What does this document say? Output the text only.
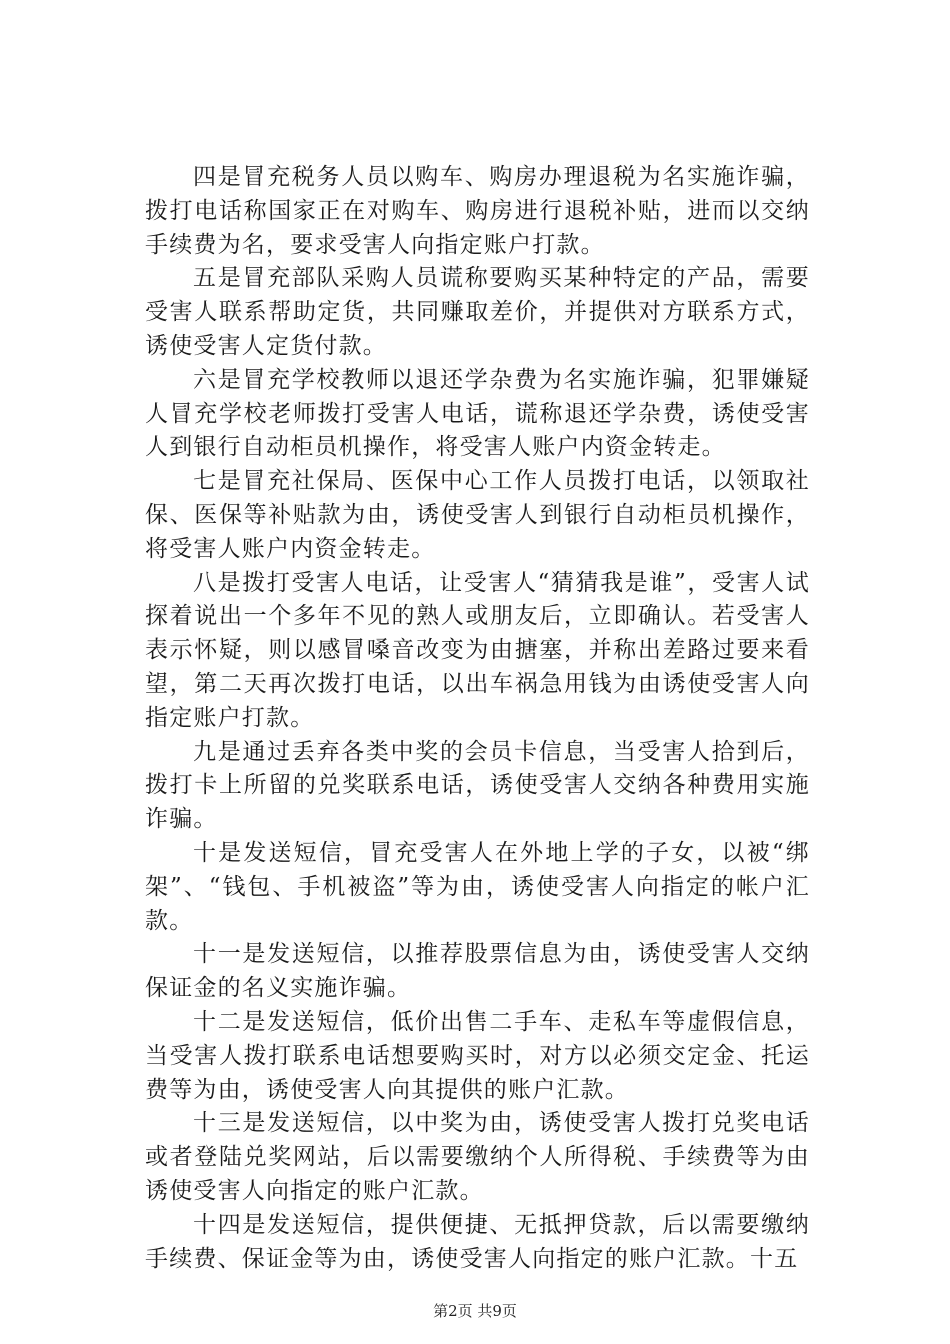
四是冒充税务人员以购车、购房办理退税为名实施诈骗，拨打电话称国家正在对购车、购房进行退税补贴，进而以交纳手续费为名，要求受害人向指定账户打款。

五是冒充部队采购人员谎称要购买某种特定的产品，需要受害人联系帮助定货，共同赚取差价，并提供对方联系方式，诱使受害人定货付款。

六是冒充学校教师以退还学杂费为名实施诈骗，犯罪嫌疑人冒充学校老师拨打受害人电话，谎称退还学杂费，诱使受害人到银行自动柜员机操作，将受害人账户内资金转走。

七是冒充社保局、医保中心工作人员拨打电话，以领取社保、医保等补贴款为由，诱使受害人到银行自动柜员机操作，将受害人账户内资金转走。

八是拨打受害人电话，让受害人“猜猜我是谁”，受害人试探着说出一个多年不见的熟人或朋友后，立即确认。若受害人表示怀疑，则以感冒嗓音改变为由搪塞，并称出差路过要来看望，第二天再次拨打电话，以出车祸急用钱为由诱使受害人向指定账户打款。

九是通过丢弃各类中奖的会员卡信息，当受害人拾到后，拨打卡上所留的兑奖联系电话，诱使受害人交纳各种费用实施诈骗。

十是发送短信，冒充受害人在外地上学的子女，以被“绑架”、“钱包、手机被盗”等为由，诱使受害人向指定的帐户汇款。

十一是发送短信，以推荐股票信息为由，诱使受害人交纳保证金的名义实施诈骗。

十二是发送短信，低价出售二手车、走私车等虚假信息，当受害人拨打联系电话想要购买时，对方以必须交定金、托运费等为由，诱使受害人向其提供的账户汇款。

十三是发送短信，以中奖为由，诱使受害人拨打兑奖电话或者登陆兑奖网站，后以需要缴纳个人所得税、手续费等为由诱使受害人向指定的账户汇款。

十四是发送短信，提供便捷、无抵押贷款，后以需要缴纳手续费、保证金等为由，诱使受害人向指定的账户汇款。十五

第2页 共9页
